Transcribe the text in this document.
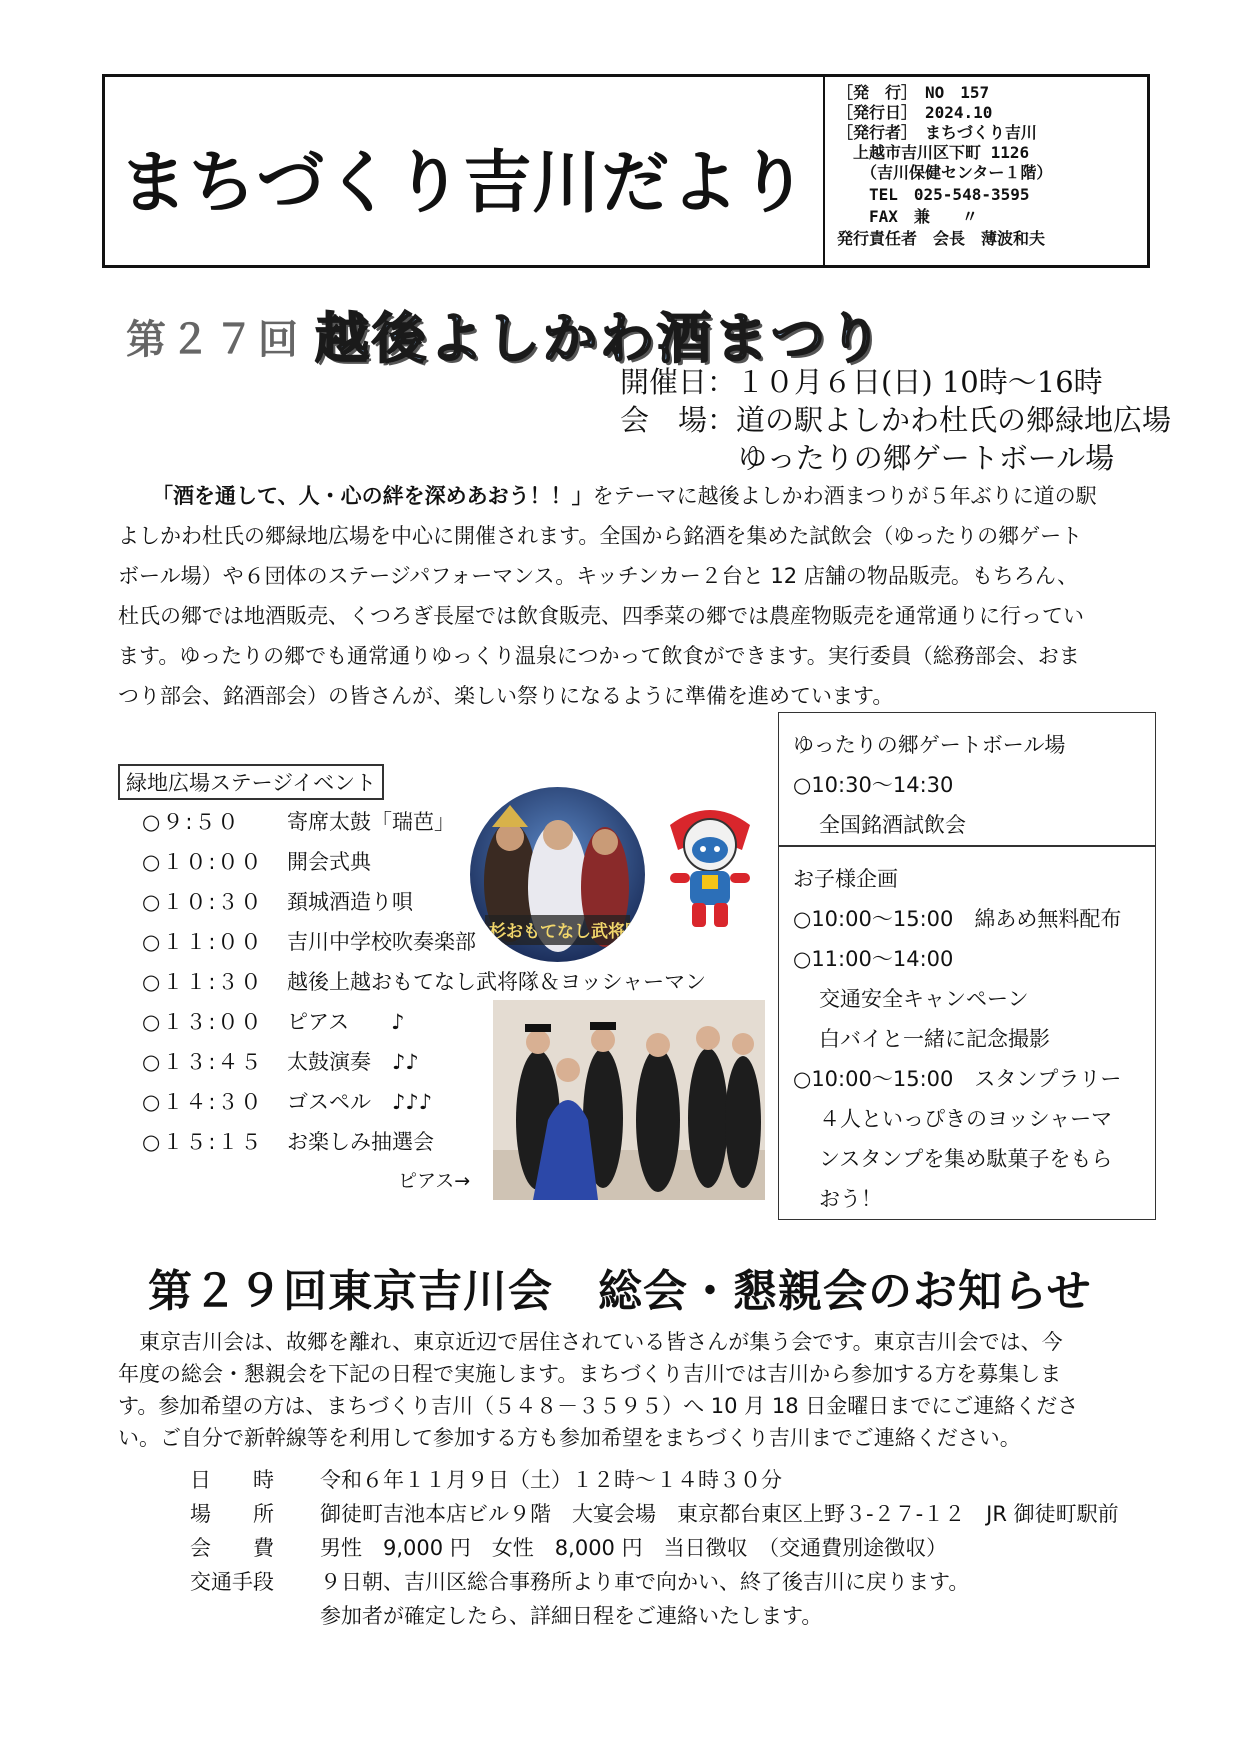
まちづくり吉川だより
［発　行］　NO　157
［発行日］　2024.10
［発行者］　まちづくり吉川
　上越市吉川区下町 1126
　　（吉川保健センター１階）
　　TEL　025-548-3595
　　FAX　兼　　〃
発行責任者　会長　薄波和夫
第２７回 越後よしかわ酒まつり
開催日：１０月６日(日) 10時～16時
会　場：道の駅よしかわ杜氏の郷緑地広場
ゆったりの郷ゲートボール場
「酒を通して、人・心の絆を深めあおう！！」をテーマに越後よしかわ酒まつりが５年ぶりに道の駅
よしかわ杜氏の郷緑地広場を中心に開催されます。全国から銘酒を集めた試飲会（ゆったりの郷ゲート
ボール場）や６団体のステージパフォーマンス。キッチンカー２台と 12 店舗の物品販売。もちろん、
杜氏の郷では地酒販売、くつろぎ長屋では飲食販売、四季菜の郷では農産物販売を通常通りに行ってい
ます。ゆったりの郷でも通常通りゆっくり温泉につかって飲食ができます。実行委員（総務部会、おま
つり部会、銘酒部会）の皆さんが、楽しい祭りになるように準備を進めています。
緑地広場ステージイベント
○９:５０ 寄席太鼓「瑞芭」
○１０:００ 開会式典
○１０:３０ 頚城酒造り唄
○１１:００ 吉川中学校吹奏楽部
○１１:３０ 越後上越おもてなし武将隊＆ヨッシャーマン
○１３:００ ピアス　　♪
○１３:４５ 太鼓演奏　♪♪
○１４:３０ ゴスペル　♪♪♪
○１５:１５ お楽しみ抽選会
ピアス→
上杉おもてなし武将隊
ゆったりの郷ゲートボール場
○10:30～14:30
全国銘酒試飲会
お子様企画
○10:00～15:00　綿あめ無料配布
○11:00～14:00
交通安全キャンペーン
白バイと一緒に記念撮影
○10:00～15:00　スタンプラリー
４人といっぴきのヨッシャーマ
ンスタンプを集め駄菓子をもら
おう！
第２９回東京吉川会　総会・懇親会のお知らせ
　東京吉川会は、故郷を離れ、東京近辺で居住されている皆さんが集う会です。東京吉川会では、今
年度の総会・懇親会を下記の日程で実施します。まちづくり吉川では吉川から参加する方を募集しま
す。参加希望の方は、まちづくり吉川（５４８－３５９５）へ 10 月 18 日金曜日までにご連絡くださ
い。ご自分で新幹線等を利用して参加する方も参加希望をまちづくり吉川までご連絡ください。
日　　時 令和６年１１月９日（土）１２時～１４時３０分
場　　所 御徒町吉池本店ビル９階　大宴会場　東京都台東区上野３-２７-１２　JR 御徒町駅前
会　　費 男性　9,000 円　女性　8,000 円　当日徴収　（交通費別途徴収）
交通手段 ９日朝、吉川区総合事務所より車で向かい、終了後吉川に戻ります。
参加者が確定したら、詳細日程をご連絡いたします。
